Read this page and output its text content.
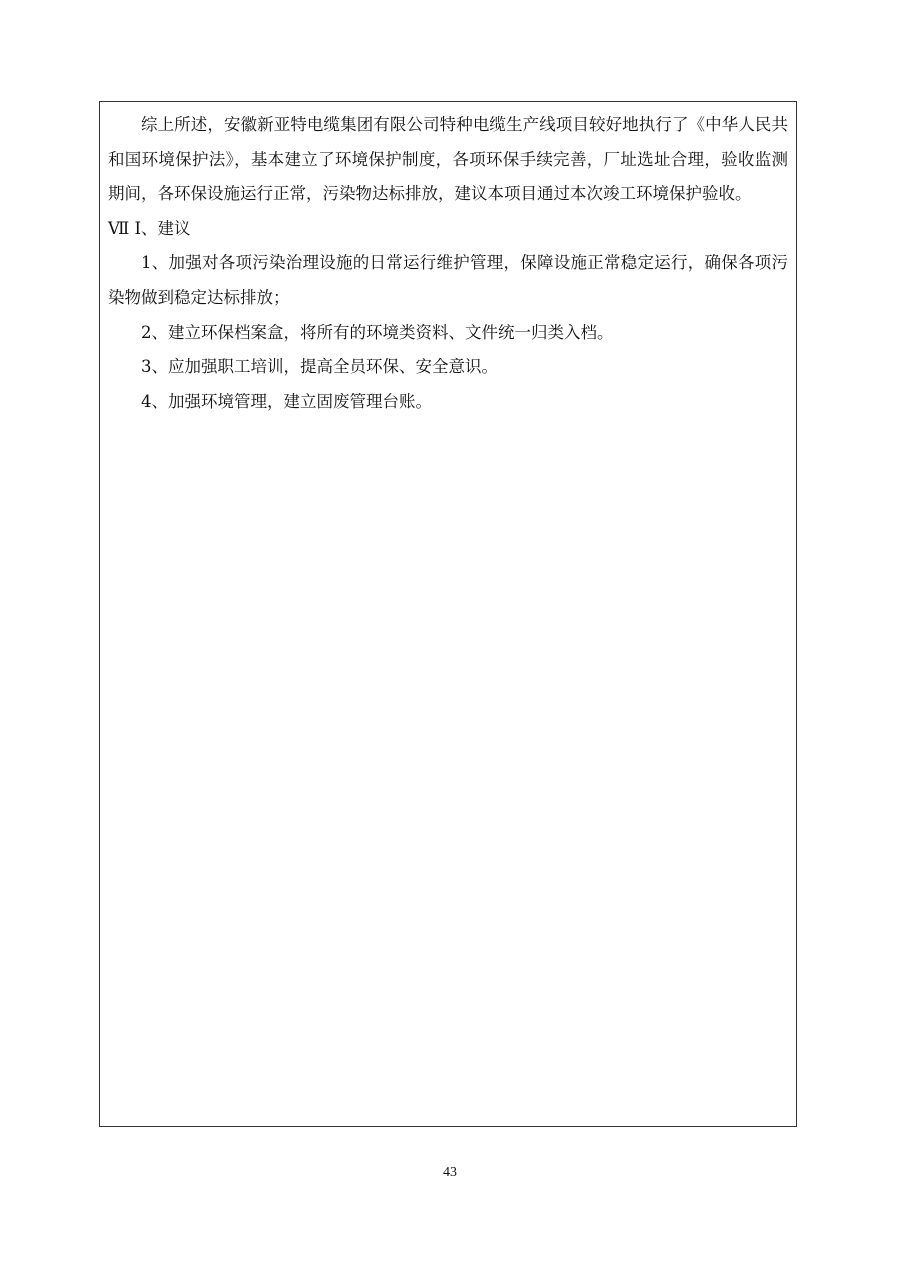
综上所述，安徽新亚特电缆集团有限公司特种电缆生产线项目较好地执行了《中华人民共和国环境保护法》，基本建立了环境保护制度，各项环保手续完善，厂址选址合理，验收监测期间，各环保设施运行正常，污染物达标排放，建议本项目通过本次竣工环境保护验收。

Ⅶ Ⅰ、建议

1、加强对各项污染治理设施的日常运行维护管理，保障设施正常稳定运行，确保各项污染物做到稳定达标排放；

2、建立环保档案盒，将所有的环境类资料、文件统一归类入档。

3、应加强职工培训，提高全员环保、安全意识。

4、加强环境管理，建立固废管理台账。

43
